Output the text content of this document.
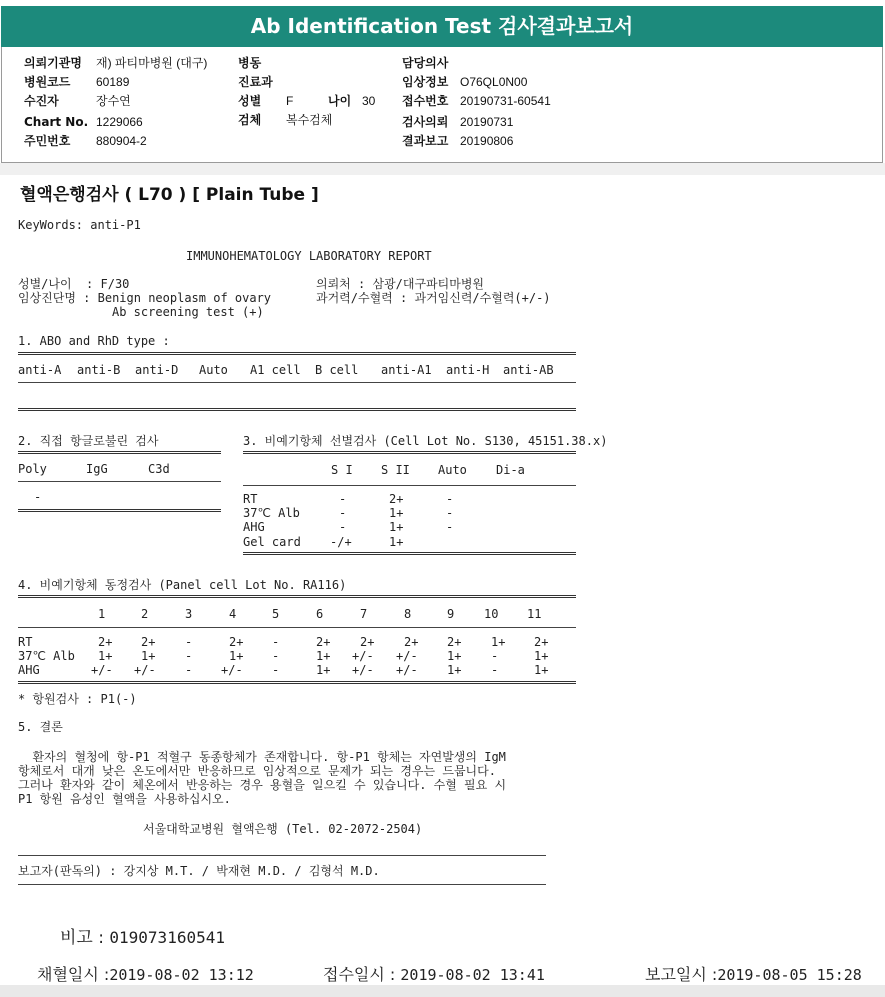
Ab Identification Test 검사결과보고서
의뢰기관명 재) 파티마병원 (대구)
병원코드 60189
수진자	장수연
Chart No. 1229066
주민번호 880904-2
병동
진료과
성별 F	나이 30
검체 복수검체
담당의사
임상정보 O76QL0N00
접수번호 20190731-60541
검사의뢰 20190731
결과보고 20190806
혈액은행검사 ( L70 ) [ Plain Tube ]
KeyWords: anti-P1
IMMUNOHEMATOLOGY LABORATORY REPORT
성별/나이  : F/30
임상진단명 : Benign neoplasm of ovary
Ab screening test (+)
의뢰처 : 삼광/대구파티마병원
과거력/수혈력 : 과거임신력/수혈력(+/-)
1. ABO and RhD type :
anti-A anti-B anti-D Auto A1 cell B cell anti-A1 anti-H anti-AB
2. 직접 항글로불린 검사
Poly	IgG	C3d
-
3. 비예기항체 선별검사 (Cell Lot No. S130, 45151.38.x)
S I S II Auto Di-a
RT	-	2+	-
37℃ Alb	-	1+	-
AHG	-	1+	-
Gel card -/+	1+
4. 비예기항체 동정검사 (Panel cell Lot No. RA116)
1	2	3	4	5	6	7	8	9 10 11
RT	2+ 2+ -	2+ -	2+ 2+ 2+ 2+ 1+ 2+
37℃ Alb 1+ 1+ -	1+ -	1+ +/- +/- 1+ -	1+
AHG	+/- +/- - +/- -	1+ +/- +/- 1+ -	1+
* 항원검사 : P1(-)
5. 결론
환자의 혈청에 항-P1 적혈구 동종항체가 존재합니다. 항-P1 항체는 자연발생의 IgM
항체로서 대개 낮은 온도에서만 반응하므로 임상적으로 문제가 되는 경우는 드뭅니다.
그러나 환자와 같이 체온에서 반응하는 경우 용혈을 일으킬 수 있습니다. 수혈 필요 시
P1 항원 음성인 혈액을 사용하십시오.
서울대학교병원 혈액은행 (Tel. 02-2072-2504)
보고자(판독의) : 강지상 M.T. / 박재현 M.D. / 김형석 M.D.
비고 : 019073160541
채혈일시 :2019-08-02 13:12	접수일시 : 2019-08-02 13:41	보고일시 :2019-08-05 15:28
